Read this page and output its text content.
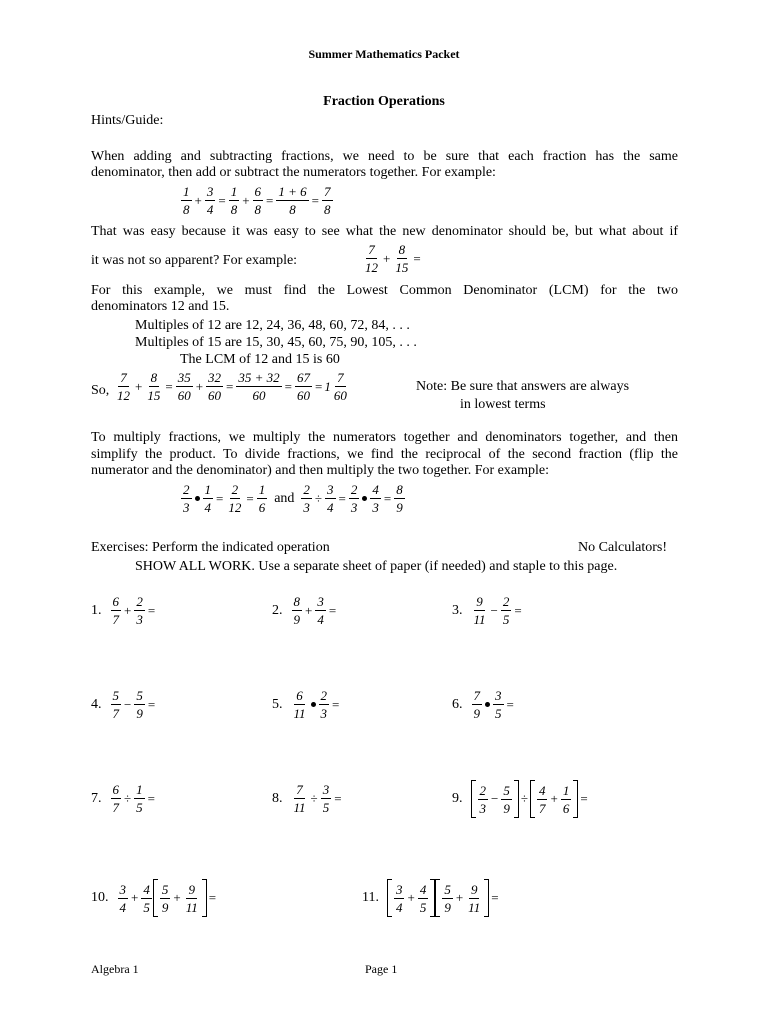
Summer Mathematics Packet
Fraction Operations
Hints/Guide:
When adding and subtracting fractions, we need to be sure that each fraction has the same
denominator, then add or subtract the numerators together. For example:
$\frac{1}{8} + \frac{3}{4} = \frac{1}{8} + \frac{6}{8} = \frac{1 + 6}{8} = \frac{7}{8}$
That was easy because it was easy to see what the new denominator should be, but what about if
it was not so apparent? For example:	$\frac{7}{12} + \frac{8}{15}$ =
For this example, we must find the Lowest Common Denominator (LCM) for the two
denominators 12 and 15.
Multiples of 12 are 12, 24, 36, 48, 60, 72, 84, . . .
Multiples of 15 are 15, 30, 45, 60, 75, 90, 105, . . .
The LCM of 12 and 15 is 60
So, $\frac{7}{12} + \frac{8}{15} = \frac{35}{60} + \frac{32}{60} = \frac{35 + 32}{60} = \frac{67}{60} = 1 \frac{7}{60}$	Note: Be sure that answers are always
in lowest terms
To multiply fractions, we multiply the numerators together and denominators together, and then
simplify the product. To divide fractions, we find the reciprocal of the second fraction (flip the
numerator and the denominator) and then multiply the two together. For example:
$\frac{2}{3} \frac{1}{4} = \frac{2}{12} = \frac{1}{6}$ and $\frac{2}{3} \div \frac{3}{4} = \frac{2}{3} \frac{4}{3} = \frac{8}{9}$
Exercises: Perform the indicated operation	No Calculators!
SHOW ALL WORK. Use a separate sheet of paper (if needed) and staple to this page.
1. $\frac{6}{7} + \frac{2}{3}$ =	2. $\frac{8}{9} + \frac{3}{4}$ =	3. $\frac{9}{11} - \frac{2}{5}$ =
4. $\frac{5}{7} - \frac{5}{9}$ =	5. $\frac{6}{11} \frac{2}{3}$ =	6. $\frac{7}{9} \frac{3}{5}$ =
7. $\frac{6}{7} \div \frac{1}{5}$ =	8. $\frac{7}{11} \div \frac{3}{5}$ =	9. $\frac{2}{3} - \frac{5}{9} \div \frac{4}{7} + \frac{1}{6}$ =
10. $\frac{3}{4} + \frac{4}{5} \frac{5}{9} + \frac{9}{11}$ =	11. $\frac{3}{4} + \frac{4}{5} \frac{5}{9} + \frac{9}{11}$ =
Algebra 1	Page 1
